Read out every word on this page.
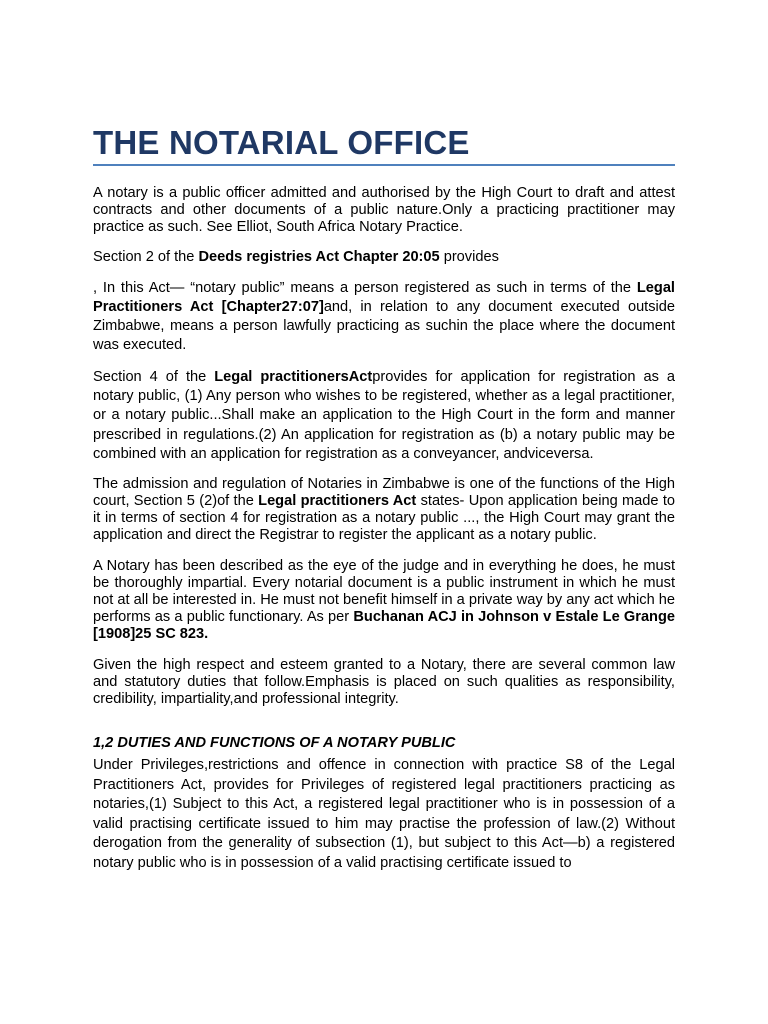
THE NOTARIAL OFFICE

A notary is a public officer admitted and authorised by the High Court to draft and attest contracts and other documents of a public nature.Only a practicing practitioner may practice as such. See Elliot, South Africa Notary Practice.

Section 2 of the Deeds registries Act Chapter 20:05 provides

, In this Act— “notary public” means a person registered as such in terms of the Legal Practitioners Act [Chapter27:07]and, in relation to any document executed outside Zimbabwe, means a person lawfully practicing as suchin the place where the document was executed.

Section 4 of the Legal practitionersActprovides for application for registration as a notary public, (1) Any person who wishes to be registered, whether as a legal practitioner, or a notary public...Shall make an application to the High Court in the form and manner prescribed in regulations.(2) An application for registration as (b) a notary public may be combined with an application for registration as a conveyancer, andviceversa.

The admission and regulation of Notaries in Zimbabwe is one of the functions of the High court, Section 5 (2)of the Legal practitioners Act states- Upon application being made to it in terms of section 4 for registration as a notary public ..., the High Court may grant the application and direct the Registrar to register the applicant as a notary public.

A Notary has been described as the eye of the judge and in everything he does, he must be thoroughly impartial. Every notarial document is a public instrument in which he must not at all be interested in. He must not benefit himself in a private way by any act which he performs as a public functionary. As per Buchanan ACJ in Johnson v Estale Le Grange [1908]25 SC 823.

Given the high respect and esteem granted to a Notary, there are several common law and statutory duties that follow.Emphasis is placed on such qualities as responsibility, credibility, impartiality,and professional integrity.

1,2 DUTIES AND FUNCTIONS OF A NOTARY PUBLIC

Under Privileges,restrictions and offence in connection with practice S8 of the Legal Practitioners Act, provides for Privileges of registered legal practitioners practicing as notaries,(1) Subject to this Act, a registered legal practitioner who is in possession of a valid practising certificate issued to him may practise the profession of law.(2) Without derogation from the generality of subsection (1), but subject to this Act—b) a registered notary public who is in possession of a valid practising certificate issued to
